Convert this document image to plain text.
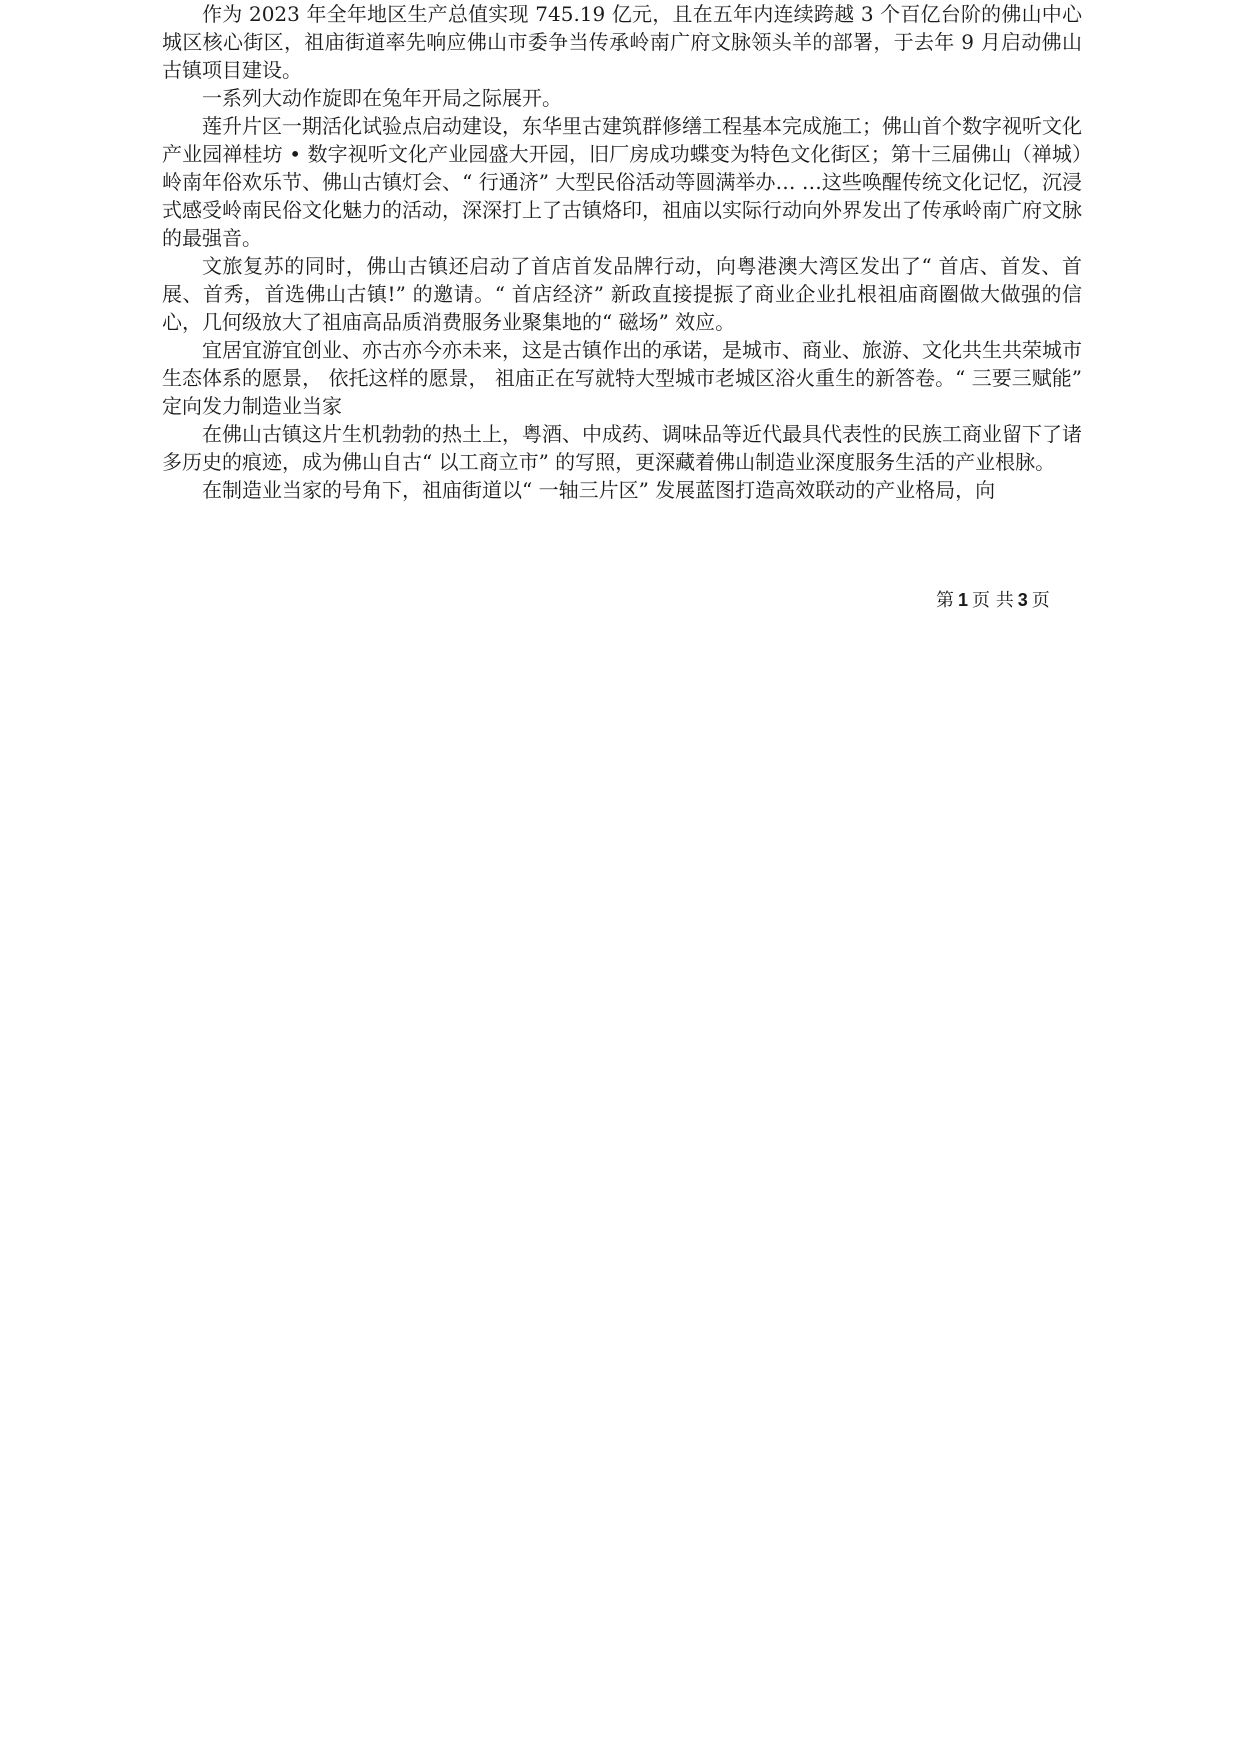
作为 2023 年全年地区生产总值实现 745.19 亿元，且在五年内连续跨越 3 个百亿台阶的佛山中心城区核心街区，祖庙街道率先响应佛山市委争当传承岭南广府文脉领头羊的部署，于去年 9 月启动佛山古镇项目建设。

一系列大动作旋即在兔年开局之际展开。

莲升片区一期活化试验点启动建设，东华里古建筑群修缮工程基本完成施工；佛山首个数字视听文化产业园禅桂坊 • 数字视听文化产业园盛大开园，旧厂房成功蝶变为特色文化街区；第十三届佛山（禅城）岭南年俗欢乐节、佛山古镇灯会、“ 行通济” 大型民俗活动等圆满举办… …这些唤醒传统文化记忆，沉浸式感受岭南民俗文化魅力的活动，深深打上了古镇烙印，祖庙以实际行动向外界发出了传承岭南广府文脉的最强音。

文旅复苏的同时，佛山古镇还启动了首店首发品牌行动，向粤港澳大湾区发出了“ 首店、首发、首展、首秀，首选佛山古镇!” 的邀请。“ 首店经济” 新政直接提振了商业企业扎根祖庙商圈做大做强的信心，几何级放大了祖庙高品质消费服务业聚集地的“ 磁场” 效应。

宜居宜游宜创业、亦古亦今亦未来，这是古镇作出的承诺，是城市、商业、旅游、文化共生共荣城市生态体系的愿景， 依托这样的愿景， 祖庙正在写就特大型城市老城区浴火重生的新答卷。“ 三要三赋能” 定向发力制造业当家

在佛山古镇这片生机勃勃的热土上，粤酒、中成药、调味品等近代最具代表性的民族工商业留下了诸多历史的痕迹，成为佛山自古“ 以工商立市” 的写照，更深藏着佛山制造业深度服务生活的产业根脉。

在制造业当家的号角下，祖庙街道以“ 一轴三片区” 发展蓝图打造高效联动的产业格局，向

第 1 页 共 3 页
